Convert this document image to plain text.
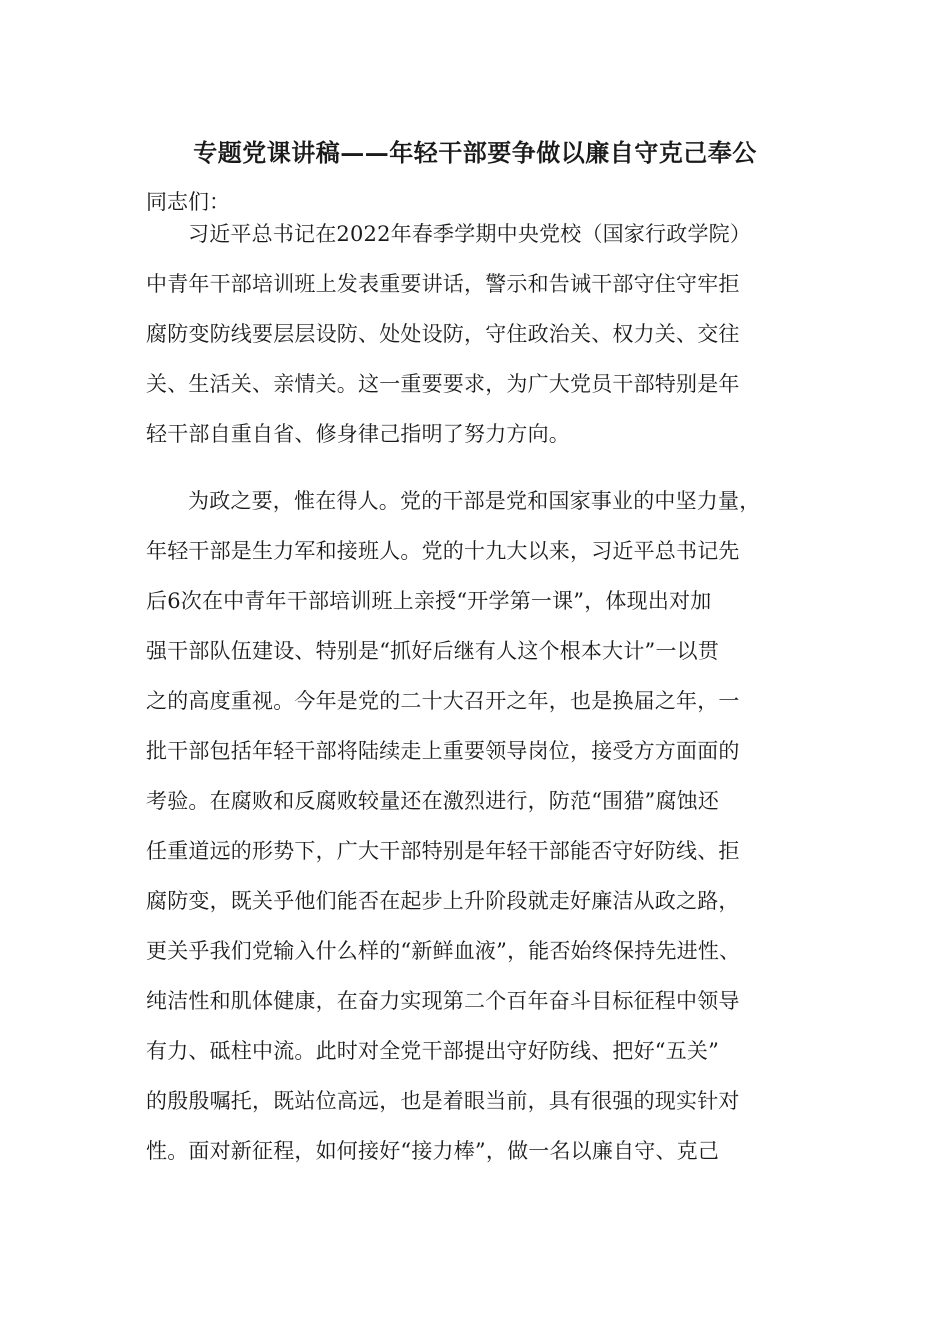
专题党课讲稿——年轻干部要争做以廉自守克己奉公
同志们：
习近平总书记在2022年春季学期中央党校（国家行政学院）
中青年干部培训班上发表重要讲话，警示和告诫干部守住守牢拒
腐防变防线要层层设防、处处设防，守住政治关、权力关、交往
关、生活关、亲情关。这一重要要求，为广大党员干部特别是年
轻干部自重自省、修身律己指明了努力方向。
为政之要，惟在得人。党的干部是党和国家事业的中坚力量，
年轻干部是生力军和接班人。党的十九大以来，习近平总书记先
后6次在中青年干部培训班上亲授“开学第一课”，体现出对加
强干部队伍建设、特别是“抓好后继有人这个根本大计”一以贯
之的高度重视。今年是党的二十大召开之年，也是换届之年，一
批干部包括年轻干部将陆续走上重要领导岗位，接受方方面面的
考验。在腐败和反腐败较量还在激烈进行，防范“围猎”腐蚀还
任重道远的形势下，广大干部特别是年轻干部能否守好防线、拒
腐防变，既关乎他们能否在起步上升阶段就走好廉洁从政之路，
更关乎我们党输入什么样的“新鲜血液”，能否始终保持先进性、
纯洁性和肌体健康，在奋力实现第二个百年奋斗目标征程中领导
有力、砥柱中流。此时对全党干部提出守好防线、把好“五关”
的殷殷嘱托，既站位高远，也是着眼当前，具有很强的现实针对
性。面对新征程，如何接好“接力棒”，做一名以廉自守、克己
